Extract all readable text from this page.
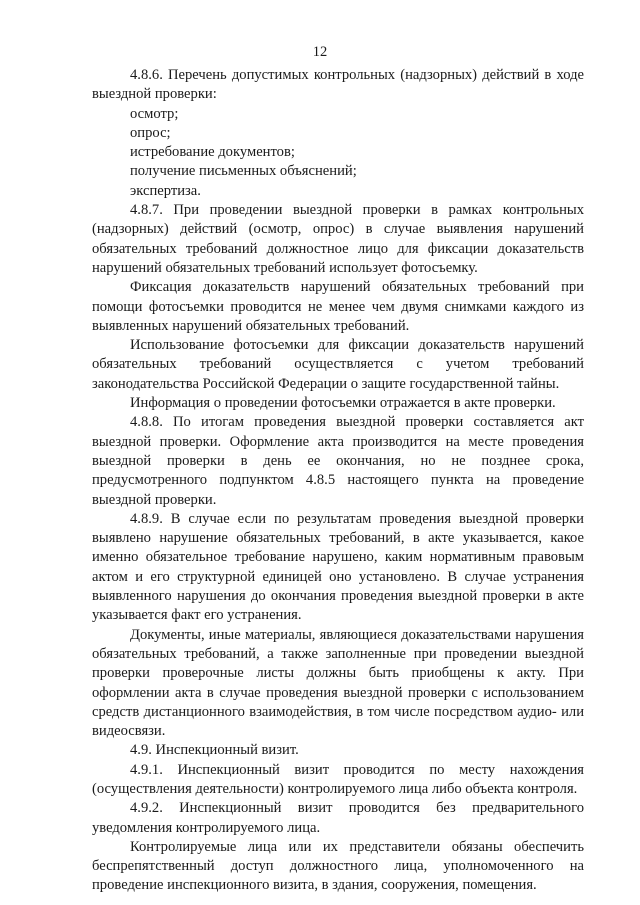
12

4.8.6. Перечень допустимых контрольных (надзорных) действий в ходе выездной проверки:

осмотр;

опрос;

истребование документов;

получение письменных объяснений;

экспертиза.

4.8.7. При проведении выездной проверки в рамках контрольных (надзорных) действий (осмотр, опрос) в случае выявления нарушений обязательных требований должностное лицо для фиксации доказательств нарушений обязательных требований использует фотосъемку.

Фиксация доказательств нарушений обязательных требований при помощи фотосъемки проводится не менее чем двумя снимками каждого из выявленных нарушений обязательных требований.

Использование фотосъемки для фиксации доказательств нарушений обязательных требований осуществляется с учетом требований законодательства Российской Федерации о защите государственной тайны.

Информация о проведении фотосъемки отражается в акте проверки.

4.8.8. По итогам проведения выездной проверки составляется акт выездной проверки. Оформление акта производится на месте проведения выездной проверки в день ее окончания, но не позднее срока, предусмотренного подпунктом 4.8.5 настоящего пункта на проведение выездной проверки.

4.8.9. В случае если по результатам проведения выездной проверки выявлено нарушение обязательных требований, в акте указывается, какое именно обязательное требование нарушено, каким нормативным правовым актом и его структурной единицей оно установлено. В случае устранения выявленного нарушения до окончания проведения выездной проверки в акте указывается факт его устранения.

Документы, иные материалы, являющиеся доказательствами нарушения обязательных требований, а также заполненные при проведении выездной проверки проверочные листы должны быть приобщены к акту. При оформлении акта в случае проведения выездной проверки с использованием средств дистанционного взаимодействия, в том числе посредством аудио- или видеосвязи.

4.9. Инспекционный визит.

4.9.1. Инспекционный визит проводится по месту нахождения (осуществления деятельности) контролируемого лица либо объекта контроля.

4.9.2. Инспекционный визит проводится без предварительного уведомления контролируемого лица.

Контролируемые лица или их представители обязаны обеспечить беспрепятственный доступ должностного лица, уполномоченного на проведение инспекционного визита, в здания, сооружения, помещения.
